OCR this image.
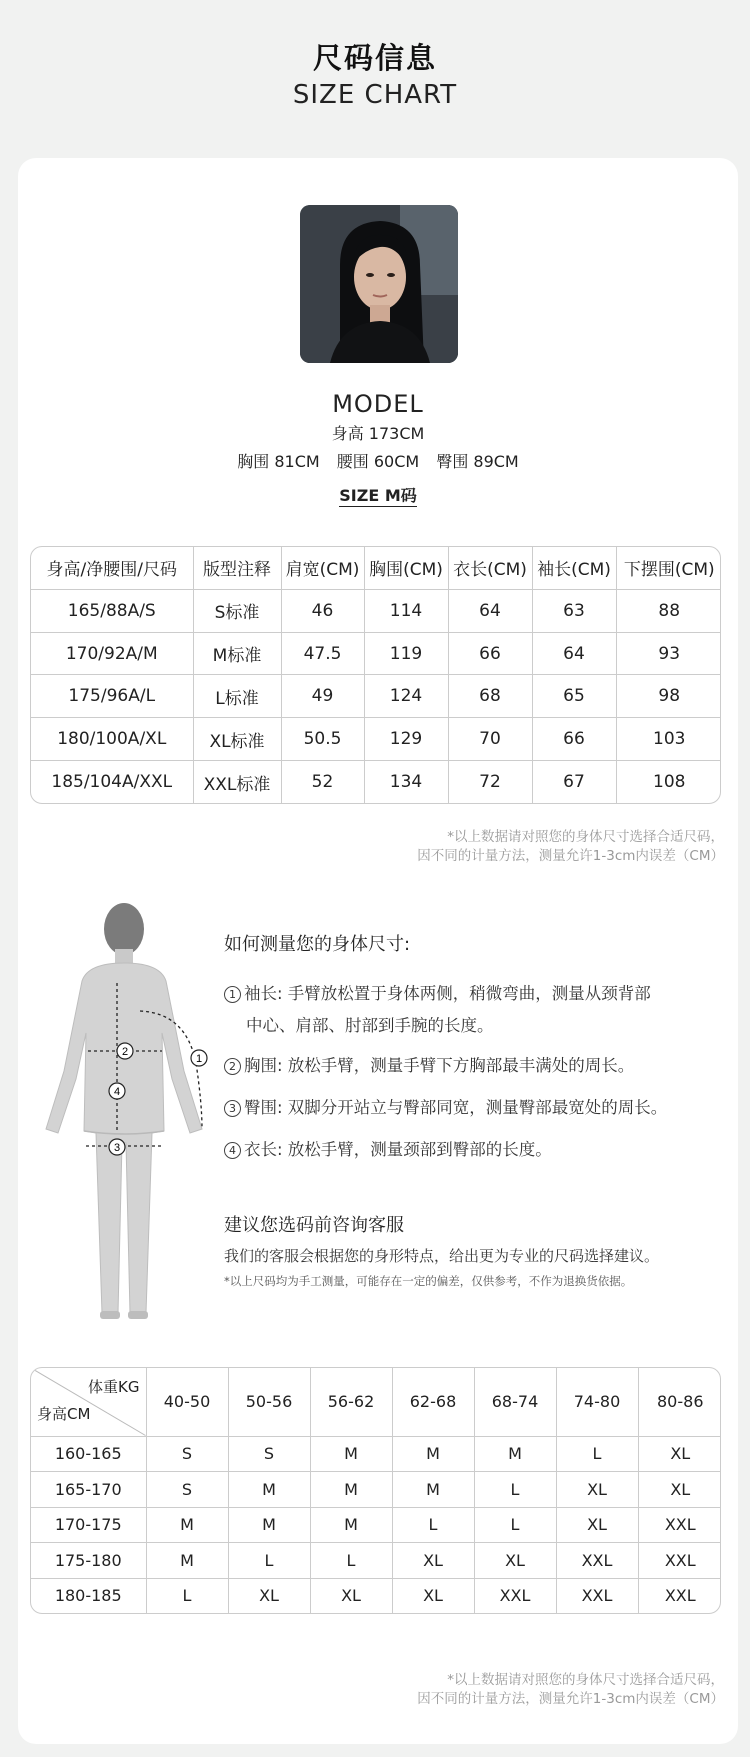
尺码信息
SIZE CHART
MODEL
身高 173CM
胸围 81CM 腰围 60CM 臀围 89CM
SIZE M码
身高/净腰围/尺码	版型注释	肩宽(CM)	胸围(CM)	衣长(CM)	袖长(CM)	下摆围(CM)
165/88A/S	S标准	46	114	64	63	88
170/92A/M	M标准	47.5	119	66	64	93
175/96A/L	L标准	49	124	68	65	98
180/100A/XL	XL标准	50.5	129	70	66	103
185/104A/XXL	XXL标准	52	134	72	67	108
*以上数据请对照您的身体尺寸选择合适尺码，
因不同的计量方法，测量允许1-3cm内误差（CM）
2
4
3
1
如何测量您的身体尺寸:
1 袖长: 手臂放松置于身体两侧，稍微弯曲，测量从颈背部
中心、肩部、肘部到手腕的长度。
2 胸围: 放松手臂，测量手臂下方胸部最丰满处的周长。
3 臀围: 双脚分开站立与臀部同宽，测量臀部最宽处的周长。
4 衣长: 放松手臂，测量颈部到臀部的长度。
建议您选码前咨询客服
我们的客服会根据您的身形特点，给出更为专业的尺码选择建议。
*以上尺码均为手工测量，可能存在一定的偏差，仅供参考，不作为退换货依据。
体重KG
身高CM	40-50	50-56	56-62	62-68	68-74	74-80	80-86
160-165	S	S	M	M	M	L	XL
165-170	S	M	M	M	L	XL	XL
170-175	M	M	M	L	L	XL	XXL
175-180	M	L	L	XL	XL	XXL	XXL
180-185	L	XL	XL	XL	XXL	XXL	XXL
*以上数据请对照您的身体尺寸选择合适尺码，
因不同的计量方法，测量允许1-3cm内误差（CM）
